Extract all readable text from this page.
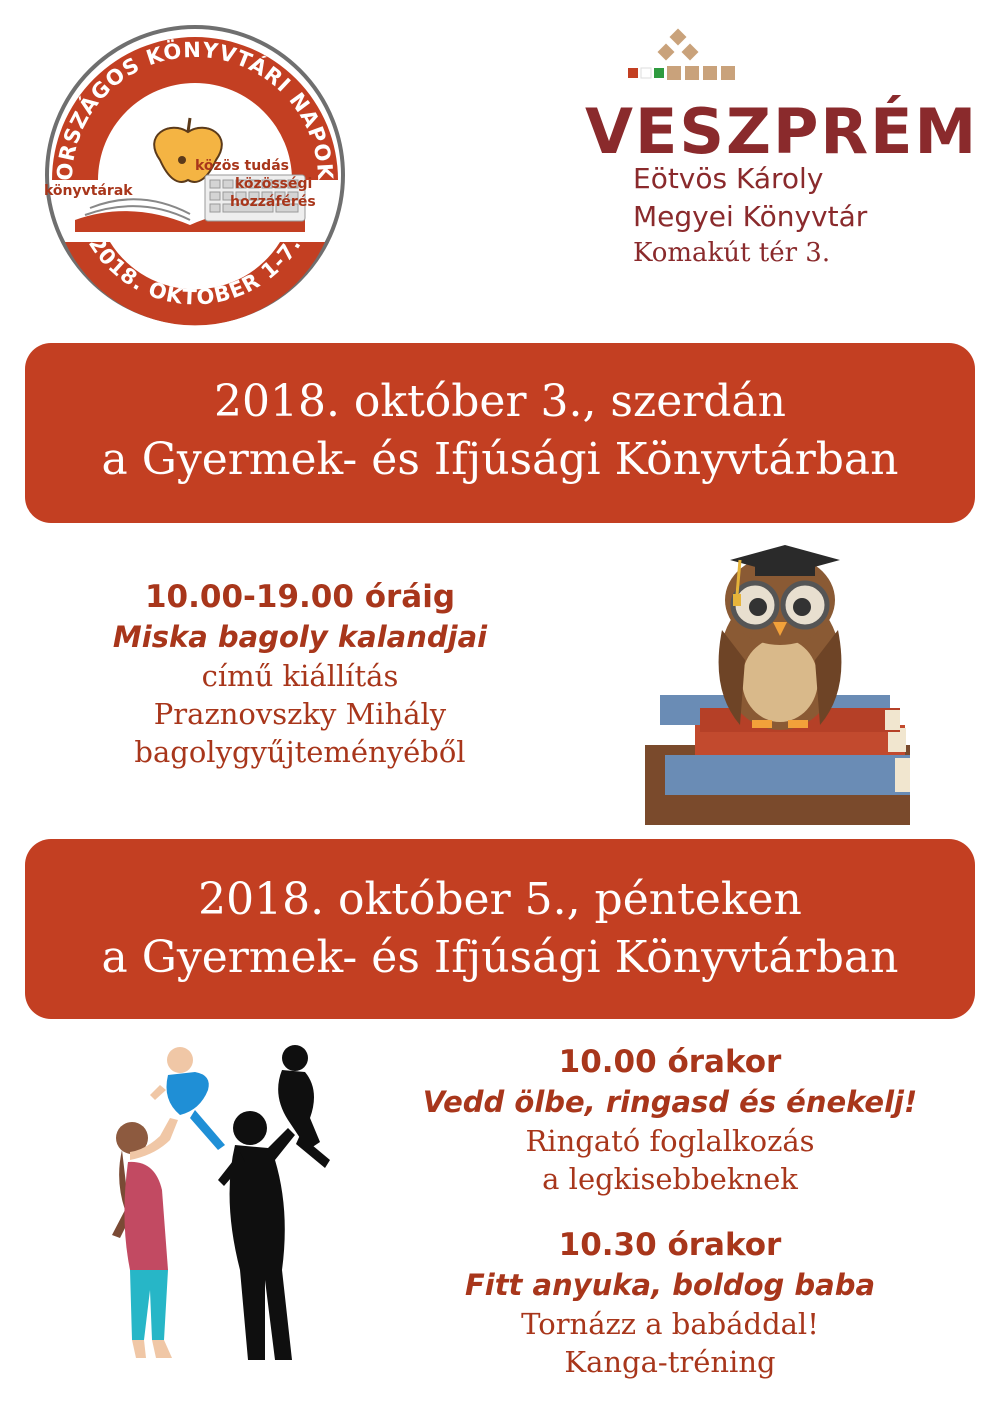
ORSZÁGOS KÖNYVTÁRI NAPOK
2018. OKTÓBER 1-7.
közös tudás
könyvtárak	közösségi
hozzáférés
VESZPRÉM
Eötvös Károly
Megyei Könyvtár
Komakút tér 3.
2018. október 3., szerdán
a Gyermek- és Ifjúsági Könyvtárban
10.00-19.00 óráig
Miska bagoly kalandjai
című kiállítás
Praznovszky Mihály
bagolygyűjteményéből
2018. október 5., pénteken
a Gyermek- és Ifjúsági Könyvtárban
10.00 órakor
Vedd ölbe, ringasd és énekelj!
Ringató foglalkozás
a legkisebbeknek
10.30 órakor
Fitt anyuka, boldog baba
Tornázz a babáddal!
Kanga-tréning
